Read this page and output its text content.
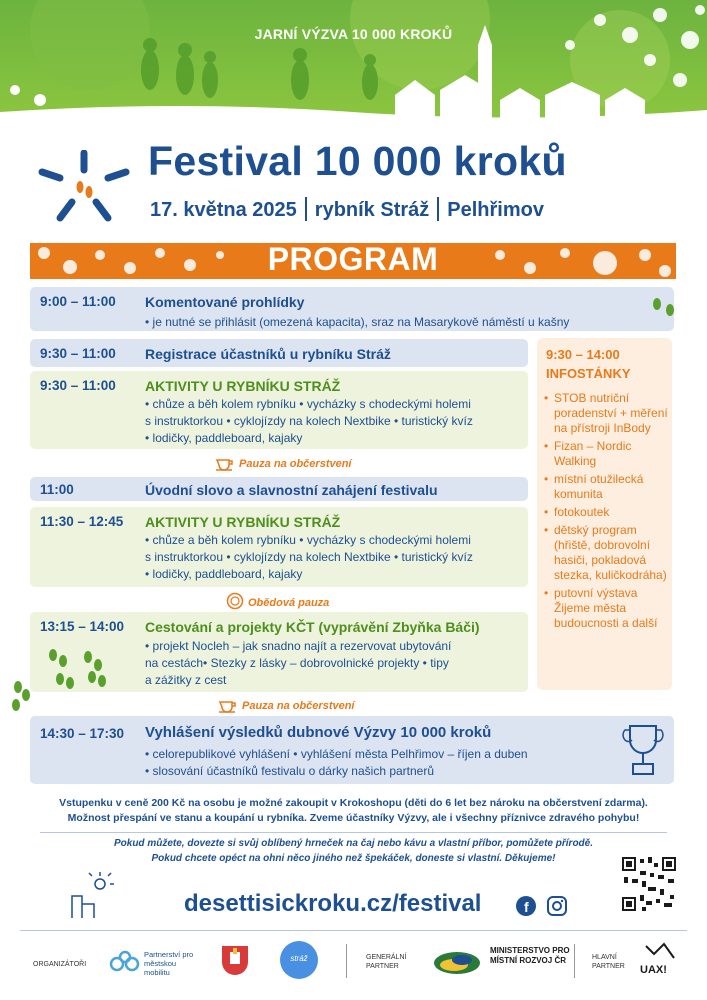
JARNÍ VÝZVA 10 000 KROKŮ
Festival 10 000 kroků
17. května 2025 rybník Stráž Pelhřimov
PROGRAM
9:00 – 11:00 Komentované prohlídky
• je nutné se přihlásit (omezená kapacita), sraz na Masarykově náměstí u kašny
9:30 – 11:00 Registrace účastníků u rybníku Stráž
9:30 – 11:00 AKTIVITY U RYBNÍKU STRÁŽ
• chůze a běh kolem rybníku • vycházky s chodeckými holemi
s instruktorkou • cyklojízdy na kolech Nextbike • turistický kvíz
• lodičky, paddleboard, kajaky
Pauza na občerstvení
11:00	Úvodní slovo a slavnostní zahájení festivalu
11:30 – 12:45 AKTIVITY U RYBNÍKU STRÁŽ
• chůze a běh kolem rybníku • vycházky s chodeckými holemi
s instruktorkou • cyklojízdy na kolech Nextbike • turistický kvíz
• lodičky, paddleboard, kajaky
Obědová pauza
13:15 – 14:00 Cestování a projekty KČT (vyprávění Zbyňka Báči)
• projekt Nocleh – jak snadno najít a rezervovat ubytování
na cestách• Stezky z lásky – dobrovolnické projekty • tipy
a zážitky z cest
Pauza na občerstvení
14:30 – 17:30 Vyhlášení výsledků dubnové Výzvy 10 000 kroků
• celorepublikové vyhlášení • vyhlášení města Pelhřimov – říjen a duben
• slosování účastníků festivalu o dárky našich partnerů
9:30 – 14:00
INFOSTÁNKY
• STOB nutriční poradenství + měření na přístroji InBody
• Fizan – Nordic Walking
• místní otužilecká komunita
• fotokoutek
• dětský program (hřiště, dobrovolní hasiči, pokladová stezka, kuličkodráha)
• putovní výstava Žijeme města budoucnosti a další
Vstupenku v ceně 200 Kč na osobu je možné zakoupit v Krokoshopu (děti do 6 let bez nároku na občerstvení zdarma).
Možnost přespání ve stanu a koupání u rybníka. Zveme účastníky Výzvy, ale i všechny příznivce zdravého pohybu!
Pokud můžete, dovezte si svůj oblíbený hrneček na čaj nebo kávu a vlastní příbor, pomůžete přírodě.
Pokud chcete opéct na ohni něco jiného než špekáček, doneste si vlastní. Děkujeme!
desettisickroku.cz/festival	f
ORGANIZÁTOŘI
Partnerství pro městskou mobilitu
stráž	GENERÁLNÍ PARTNER
MINISTERSTVO PRO MÍSTNÍ ROZVOJ ČR	HLAVNÍ PARTNER	UAX!
